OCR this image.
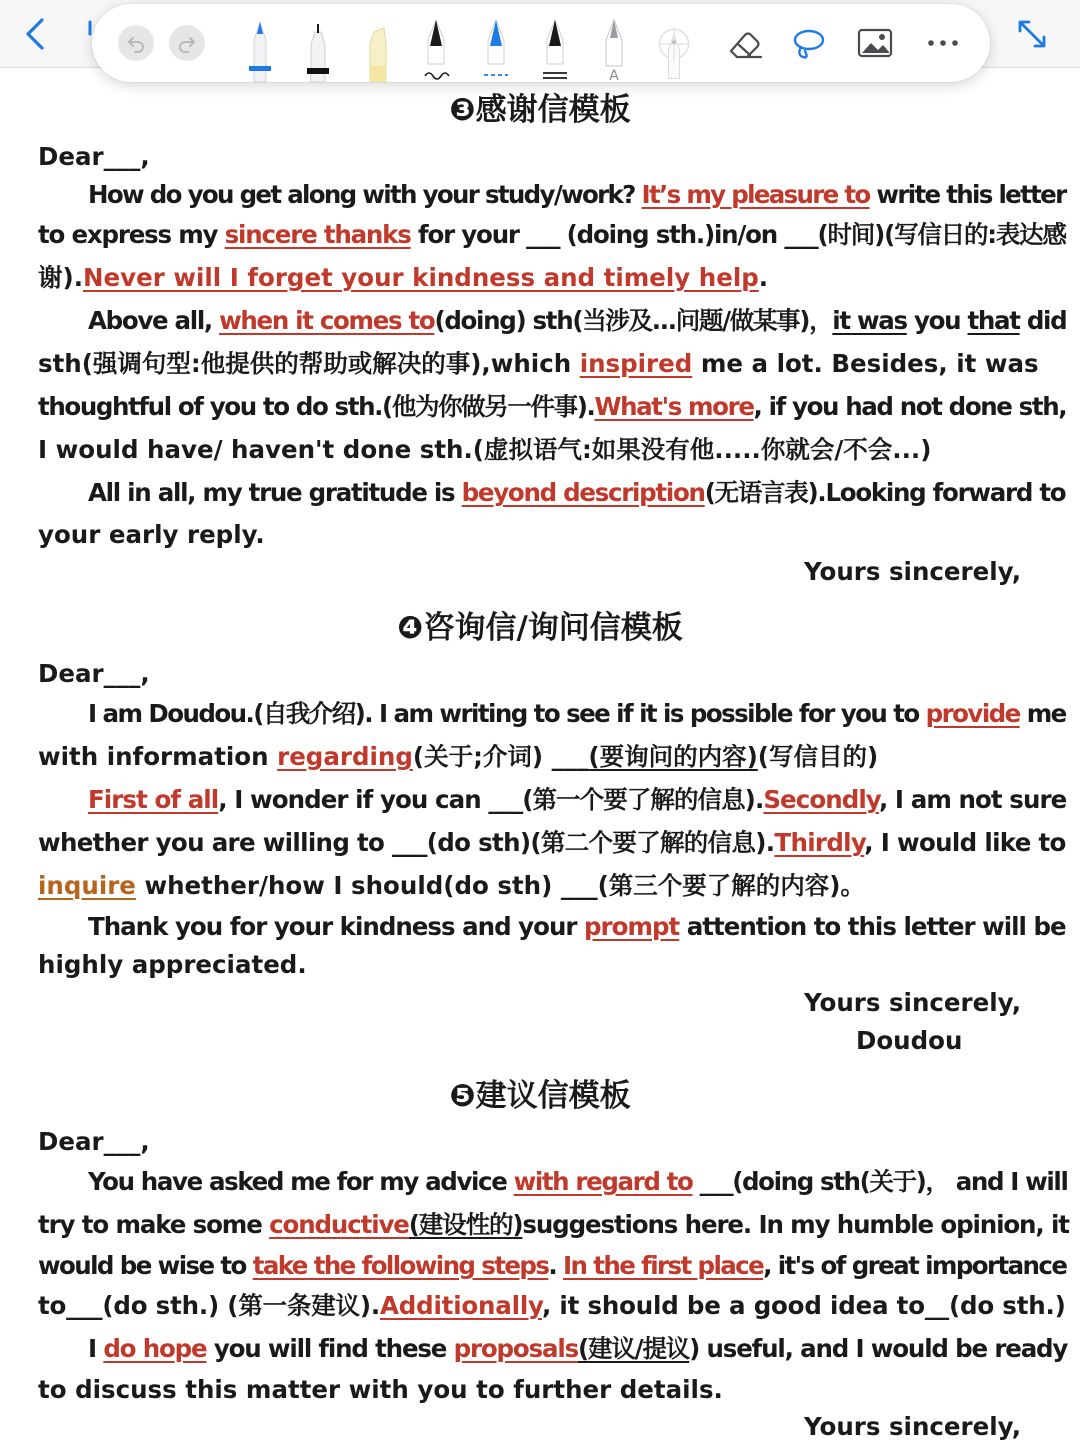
A
❸感谢信模板
Dear___,
How do you get along with your study/work? It’s my pleasure to write this letter
to express my sincere thanks for your ___ (doing sth.)in/on ___(时间)(写信日的:表达感
谢).Never will I forget your kindness and timely help.
Above all, when it comes to(doing) sth(当涉及...问题/做某事)，it was you that did
sth(强调句型:他提供的帮助或解决的事),which inspired me a lot. Besides, it was
thoughtful of you to do sth.(他为你做另一件事).What's more, if you had not done sth,
I would have/ haven't done sth.(虚拟语气:如果没有他.....你就会/不会...)
All in all, my true gratitude is beyond description(无语言表).Looking forward to
your early reply.
Yours sincerely,
❹咨询信/询问信模板
Dear___,
I am Doudou.(自我介绍). I am writing to see if it is possible for you to provide me
with information regarding(关于;介词) ___(要询问的内容)(写信目的)
First of all, I wonder if you can ___(第一个要了解的信息).Secondly, I am not sure
whether you are willing to ___(do sth)(第二个要了解的信息).Thirdly, I would like to
inquire whether/how I should(do sth) ___(第三个要了解的内容)。
Thank you for your kindness and your prompt attention to this letter will be
highly appreciated.
Yours sincerely,
Doudou
❺建议信模板
Dear___,
You have asked me for my advice with regard to ___(doing sth(关于)， and I will
try to make some conductive(建设性的)suggestions here. In my humble opinion, it
would be wise to take the following steps. In the first place, it's of great importance
to___(do sth.) (第一条建议).Additionally, it should be a good idea to__(do sth.)
I do hope you will find these proposals(建议/提议) useful, and I would be ready
to discuss this matter with you to further details.
Yours sincerely,
